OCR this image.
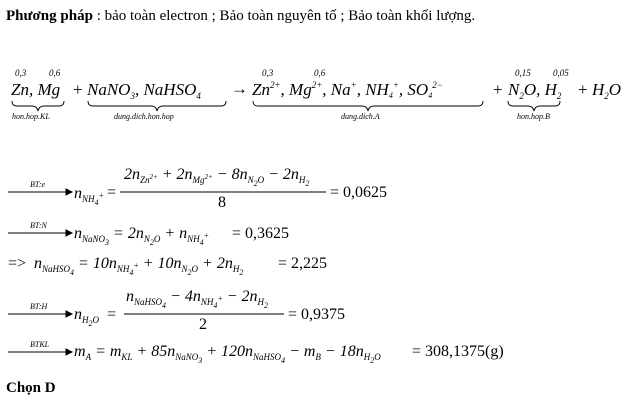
Phương pháp : bảo toàn electron ; Bảo toàn nguyên tố ; Bảo toàn khối lượng.
0,3	0,6
Zn, Mg + NaNO$_3$, NaHSO$_4$ →
0,3	0,6
$Zn^{2+}$, $Mg^{2+}$, Na+, NH4+, $SO4^{2-}$	+
0,15 0,05
$N_2O$, $H_2 + H_2O$
hon.hop.KL	dung.dich.hon.hop	dung.dich.A	hon.hop.B
BT:e
$n_{NH4^+}$ =
$2n_{Zn^{2+}} + 2n_{Mg^{2+}} - 8n_{N2O} - 2n_{H2}$
8
= 0,0625
BT:N $n_{NaNO3} = 2n_{N2O} + n_{NH4^+} = 0,3625$
=> $n_{NaHSO4} = 10n_{NH4^+} + 10n_{N2O} + 2n_{H2}$
= 2,225
BT:H $n_{H2O}$ =
$n_{NaHSO4} - 4n_{NH4^+} - 2n_{H2}$
2
= 0,9375
BTKL $m_A = m_{KL} + 85n_{NaNO3} + 120n_{NaHSO4} - m_B - 18n_{H2O} = 308,1375(g)$
Chọn D
